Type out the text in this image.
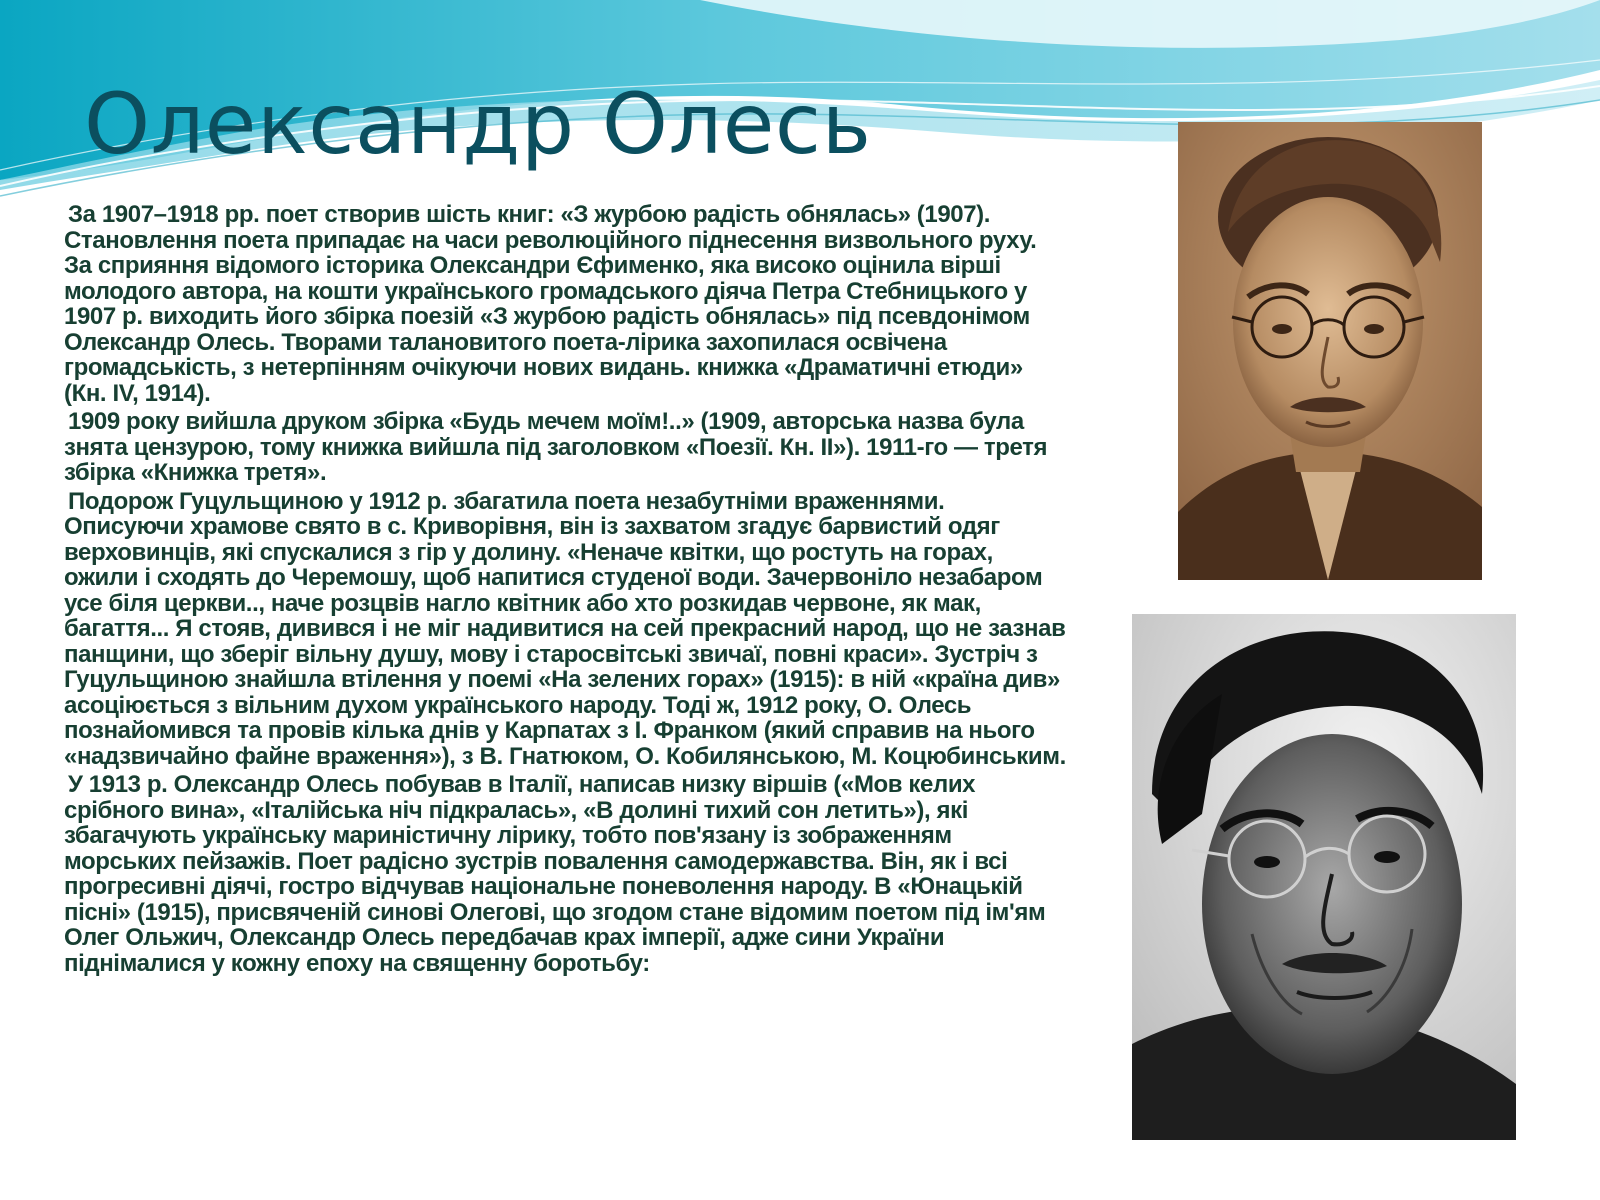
Олександр Олесь

За 1907–1918 рр. поет створив шість книг: «З журбою радість обнялась» (1907). Становлення поета припадає на часи революційного піднесення визвольного руху. За сприяння відомого історика Олександри Єфименко, яка високо оцінила вірші молодого автора, на кошти українського громадського діяча Петра Стебницького у 1907 р. виходить його збірка поезій «З журбою радість обнялась» під псевдонімом Олександр Олесь. Творами талановитого поета-лірика захопилася освічена громадськість, з нетерпінням очікуючи нових видань. книжка «Драматичні етюди» (Кн. IV, 1914).

1909 року вийшла друком збірка «Будь мечем моїм!..» (1909, авторська назва була знята цензурою, тому книжка вийшла під заголовком «Поезії. Кн. II»). 1911-го — третя збірка «Книжка третя».

Подорож Гуцульщиною у 1912 р. збагатила поета незабутніми враженнями. Описуючи храмове свято в с. Криворівня, він із захватом згадує барвистий одяг верховинців, які спускалися з гір у долину. «Неначе квітки, що ростуть на горах, ожили і сходять до Черемошу, щоб напитися студеної води. Зачервоніло незабаром усе біля церкви.., наче розцвів нагло квітник або хто розкидав червоне, як мак, багаття... Я стояв, дивився і не міг надивитися на сей прекрасний народ, що не зазнав панщини, що зберіг вільну душу, мову і старосвітські звичаї, повні краси». Зустріч з Гуцульщиною знайшла втілення у поемі «На зелених горах» (1915): в ній «країна див» асоціюється з вільним духом українського народу. Тоді ж, 1912 року, О. Олесь познайомився та провів кілька днів у Карпатах з І. Франком (який справив на нього «надзвичайно файне враження»), з В. Гнатюком, О. Кобилянською, М. Коцюбинським.

У 1913 р. Олександр Олесь побував в Італії, написав низку віршів («Мов келих срібного вина», «Італійська ніч підкралась», «В долині тихий сон летить»), які збагачують українську мариністичну лірику, тобто пов'язану із зображенням морських пейзажів. Поет радісно зустрів повалення самодержавства. Він, як і всі прогресивні діячі, гостро відчував національне поневолення народу. В «Юнацькій пісні» (1915), присвяченій синові Олегові, що згодом стане відомим поетом під ім'ям Олег Ольжич, Олександр Олесь передбачав крах імперії, адже сини України піднімалися у кожну епоху на священну боротьбу:
